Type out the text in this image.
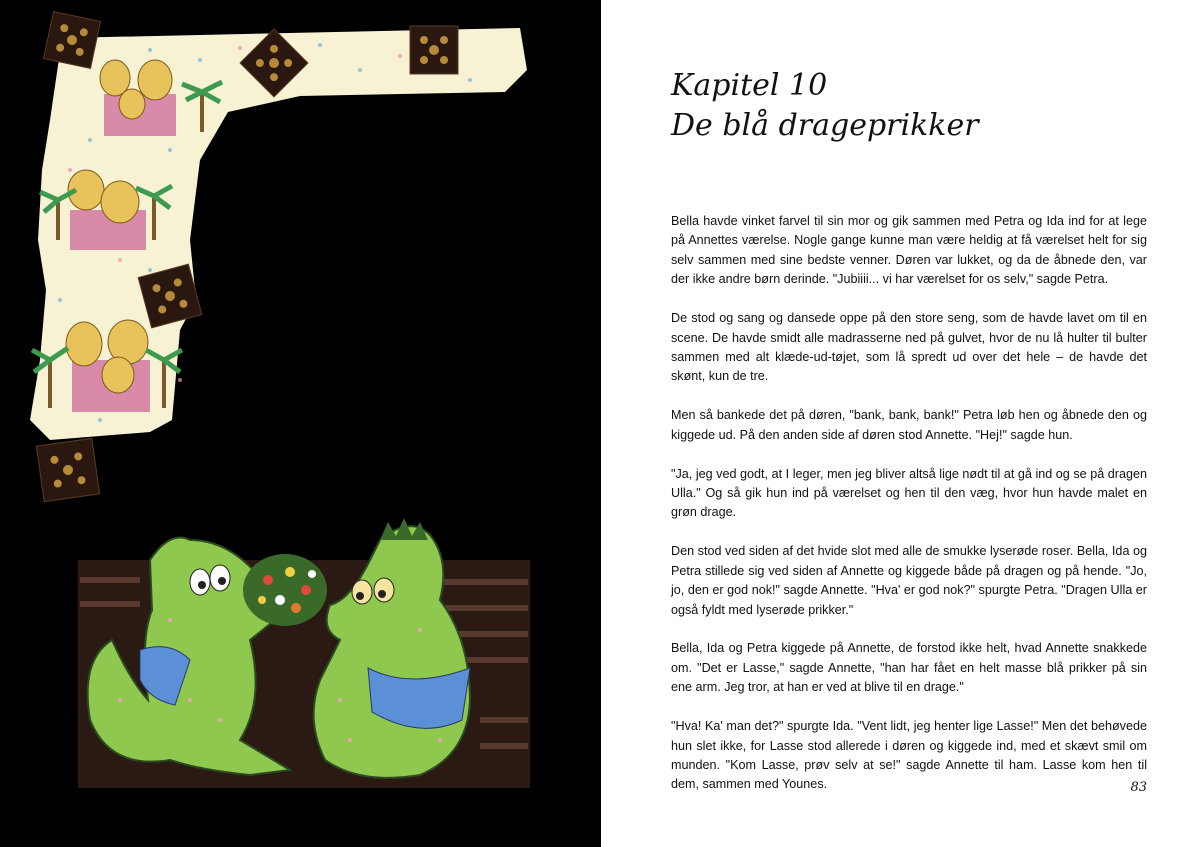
Kapitel 10
De blå drageprikker

Bella havde vinket farvel til sin mor og gik sammen med Petra og Ida ind for at lege på Annettes værelse. Nogle gange kunne man være heldig at få værelset helt for sig selv sammen med sine bedste venner. Døren var lukket, og da de åbnede den, var der ikke andre børn derinde. "Jubiiii... vi har værelset for os selv," sagde Petra.

De stod og sang og dansede oppe på den store seng, som de havde lavet om til en scene. De havde smidt alle madrasserne ned på gulvet, hvor de nu lå hulter til bulter sammen med alt klæde-ud-tøjet, som lå spredt ud over det hele – de havde det skønt, kun de tre.

Men så bankede det på døren, "bank, bank, bank!" Petra løb hen og åbnede den og kiggede ud. På den anden side af døren stod Annette. "Hej!" sagde hun.

"Ja, jeg ved godt, at I leger, men jeg bliver altså lige nødt til at gå ind og se på dragen Ulla." Og så gik hun ind på værelset og hen til den væg, hvor hun havde malet en grøn drage.

Den stod ved siden af det hvide slot med alle de smukke lyserøde roser. Bella, Ida og Petra stillede sig ved siden af Annette og kiggede både på dragen og på hende. "Jo, jo, den er god nok!" sagde Annette. "Hva' er god nok?" spurgte Petra. "Dragen Ulla er også fyldt med lyserøde prikker."

Bella, Ida og Petra kiggede på Annette, de forstod ikke helt, hvad Annette snakkede om. "Det er Lasse," sagde Annette, "han har fået en helt masse blå prikker på sin ene arm. Jeg tror, at han er ved at blive til en drage."

"Hva! Ka' man det?" spurgte Ida. "Vent lidt, jeg henter lige Lasse!" Men det behøvede hun slet ikke, for Lasse stod allerede i døren og kiggede ind, med et skævt smil om munden. "Kom Lasse, prøv selv at se!" sagde Annette til ham. Lasse kom hen til dem, sammen med Younes.	83
